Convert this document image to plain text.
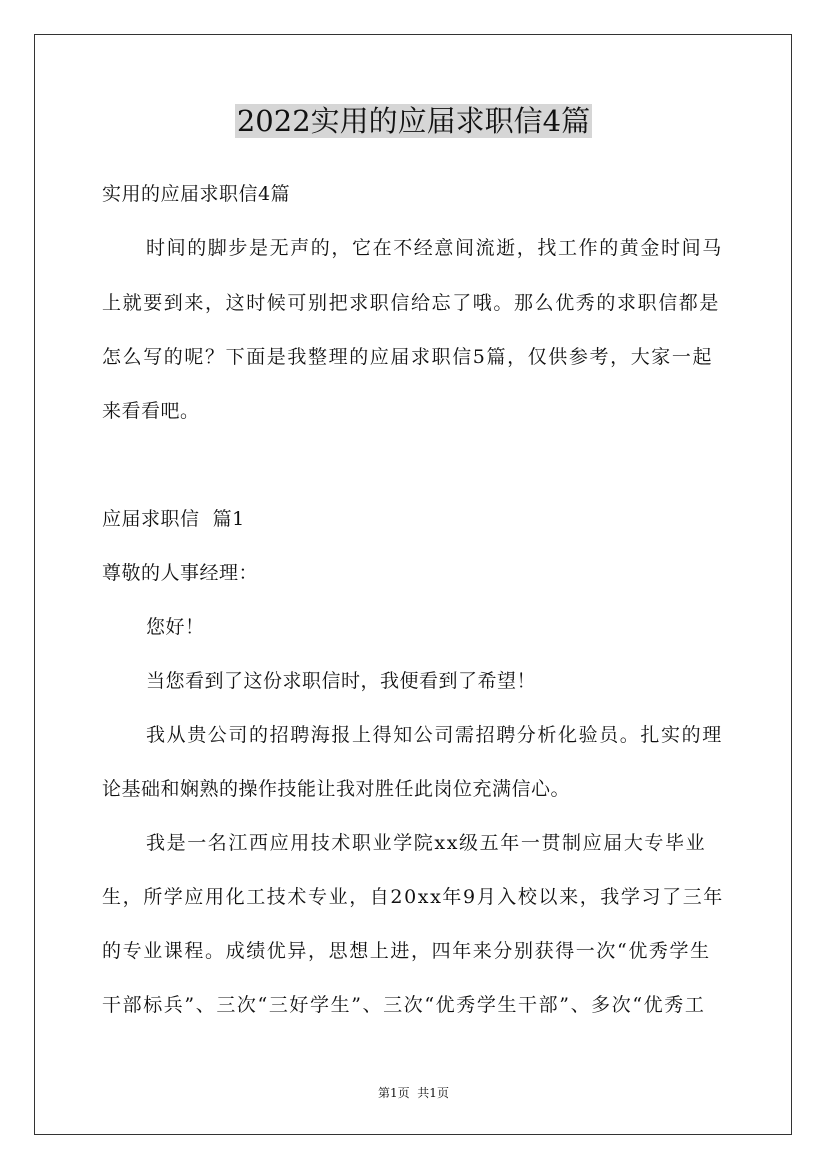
2022实用的应届求职信4篇
实用的应届求职信4篇
时间的脚步是无声的，它在不经意间流逝，找工作的黄金时间马
上就要到来，这时候可别把求职信给忘了哦。那么优秀的求职信都是
怎么写的呢？下面是我整理的应届求职信5篇，仅供参考，大家一起
来看看吧。
应届求职信  篇1
尊敬的人事经理：
您好！
当您看到了这份求职信时，我便看到了希望！
我从贵公司的招聘海报上得知公司需招聘分析化验员。扎实的理
论基础和娴熟的操作技能让我对胜任此岗位充满信心。
我是一名江西应用技术职业学院xx级五年一贯制应届大专毕业
生，所学应用化工技术专业，自20xx年9月入校以来，我学习了三年
的专业课程。成绩优异，思想上进，四年来分别获得一次“优秀学生
干部标兵”、三次“三好学生”、三次“优秀学生干部”、多次“优秀工
第1页  共1页
